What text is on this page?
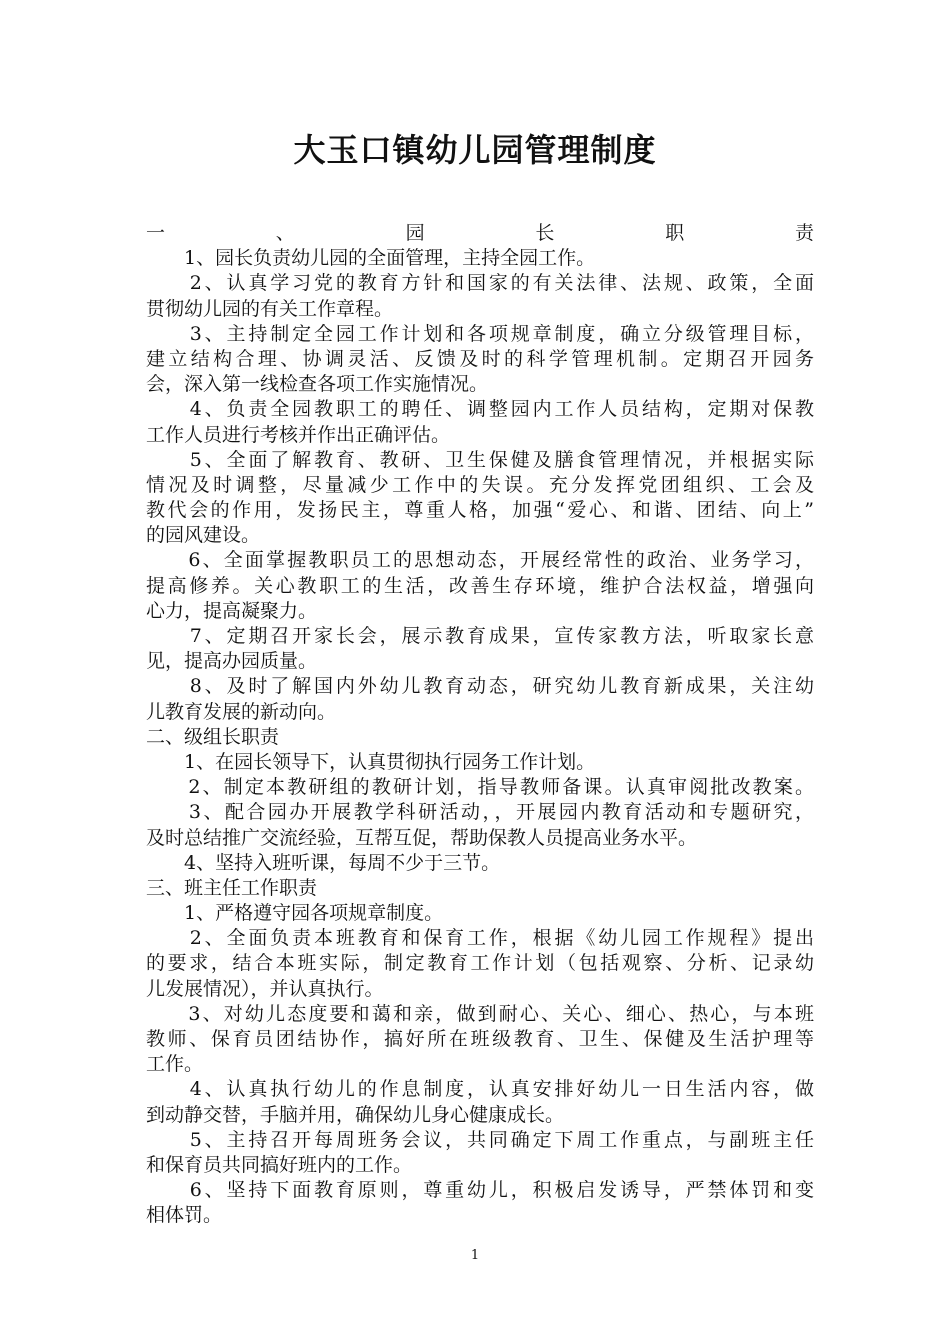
大玉口镇幼儿园管理制度
一、园长职责
　　1、园长负责幼儿园的全面管理，主持全园工作。
　　2、认真学习党的教育方针和国家的有关法律、法规、政策，全面
贯彻幼儿园的有关工作章程。
　　3、主持制定全园工作计划和各项规章制度，确立分级管理目标，
建立结构合理、协调灵活、反馈及时的科学管理机制。定期召开园务
会，深入第一线检查各项工作实施情况。
　　4、负责全园教职工的聘任、调整园内工作人员结构，定期对保教
工作人员进行考核并作出正确评估。
　　5、全面了解教育、教研、卫生保健及膳食管理情况，并根据实际
情况及时调整，尽量减少工作中的失误。充分发挥党团组织、工会及
教代会的作用，发扬民主，尊重人格，加强“爱心、和谐、团结、向上”
的园风建设。
　　6、全面掌握教职员工的思想动态，开展经常性的政治、业务学习，
提高修养。关心教职工的生活，改善生存环境，维护合法权益，增强向
心力，提高凝聚力。
　　7、定期召开家长会，展示教育成果，宣传家教方法，听取家长意
见，提高办园质量。
　　8、及时了解国内外幼儿教育动态，研究幼儿教育新成果，关注幼
儿教育发展的新动向。
二、级组长职责
　　1、在园长领导下，认真贯彻执行园务工作计划。
　　2、制定本教研组的教研计划，指导教师备课。认真审阅批改教案。
　　3、配合园办开展教学科研活动，，开展园内教育活动和专题研究，
及时总结推广交流经验，互帮互促，帮助保教人员提高业务水平。
　　4、坚持入班听课，每周不少于三节。
三、班主任工作职责
　　1、严格遵守园各项规章制度。
　　2、全面负责本班教育和保育工作，根据《幼儿园工作规程》提出
的要求，结合本班实际，制定教育工作计划（包括观察、分析、记录幼
儿发展情况），并认真执行。
　　3、对幼儿态度要和蔼和亲，做到耐心、关心、细心、热心，与本班
教师、保育员团结协作，搞好所在班级教育、卫生、保健及生活护理等
工作。
　　4、认真执行幼儿的作息制度，认真安排好幼儿一日生活内容，做
到动静交替，手脑并用，确保幼儿身心健康成长。
　　5、主持召开每周班务会议，共同确定下周工作重点，与副班主任
和保育员共同搞好班内的工作。
　　6、坚持下面教育原则，尊重幼儿，积极启发诱导，严禁体罚和变
相体罚。
1
